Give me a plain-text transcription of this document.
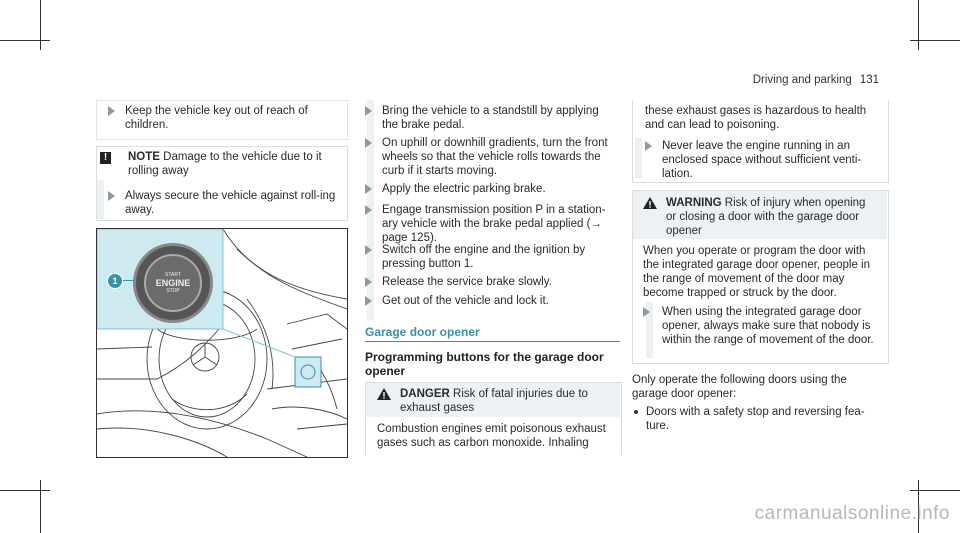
Driving and parking 131
Keep the vehicle key out of reach of children.
!	NOTE Damage to the vehicle due to it rolling away
Always secure the vehicle against roll-ing away.
START
ENGINE
STOP
1
Bring the vehicle to a standstill by applying the brake pedal.
On uphill or downhill gradients, turn the front wheels so that the vehicle rolls towards the curb if it starts moving.
Apply the electric parking brake.
Engage transmission position P in a station-ary vehicle with the brake pedal applied (→ page 125).
Switch off the engine and the ignition by pressing button 1.
Release the service brake slowly.
Get out of the vehicle and lock it.
Garage door opener
Programming buttons for the garage door opener
DANGER Risk of fatal injuries due to exhaust gases
Combustion engines emit poisonous exhaust gases such as carbon monoxide. Inhaling
these exhaust gases is hazardous to health and can lead to poisoning.
Never leave the engine running in an enclosed space without sufficient venti-lation.
WARNING Risk of injury when opening or closing a door with the garage door opener
When you operate or program the door with the integrated garage door opener, people in the range of movement of the door may become trapped or struck by the door.
When using the integrated garage door opener, always make sure that nobody is within the range of movement of the door.
Only operate the following doors using the garage door opener:
Doors with a safety stop and reversing fea-ture.
carmanualsonline.info
